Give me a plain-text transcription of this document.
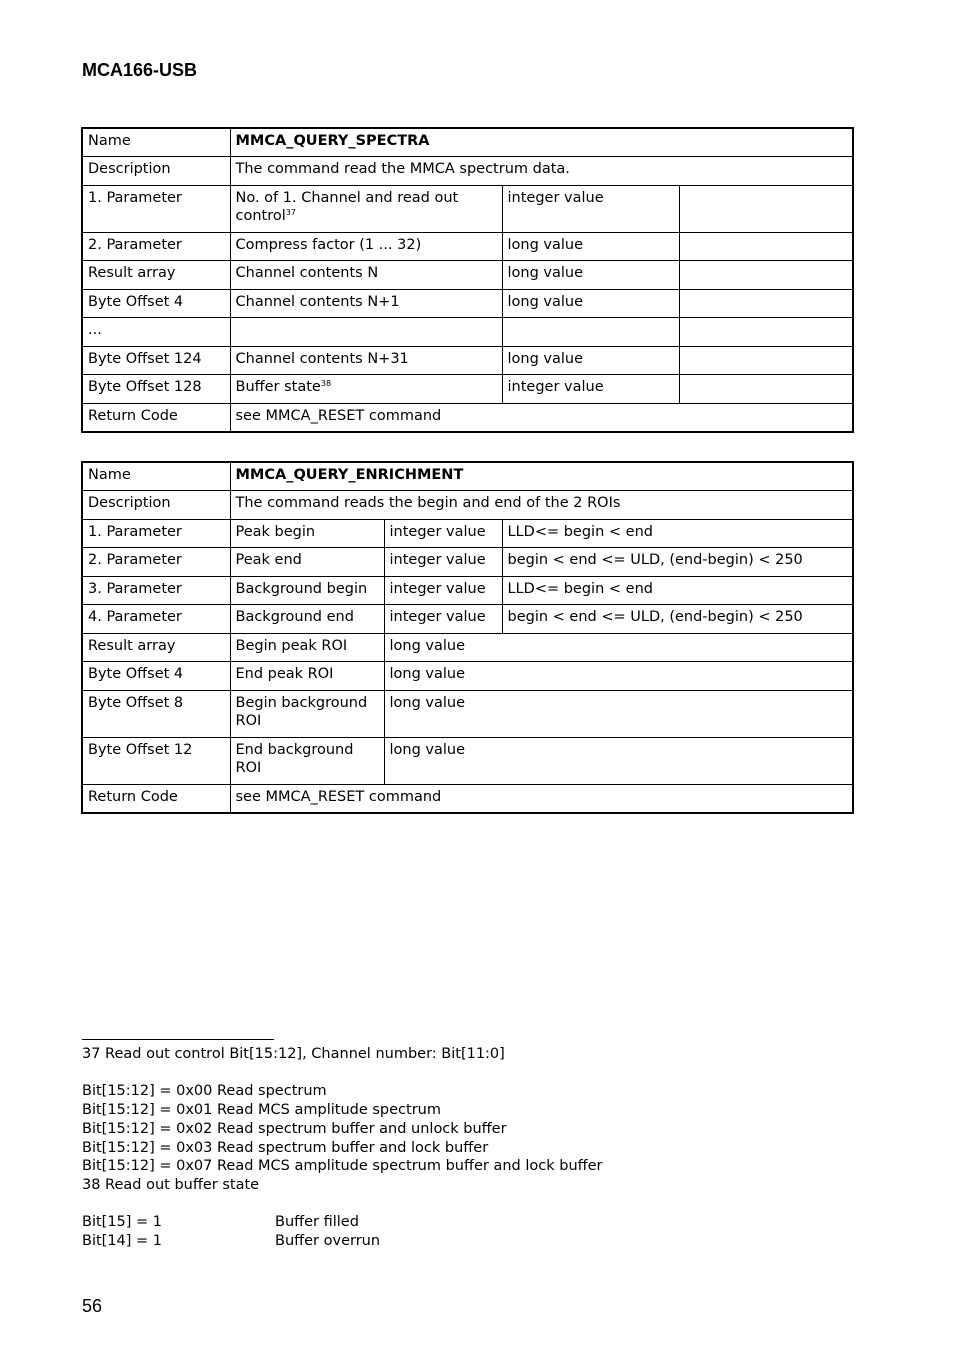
MCA166-USB
Name	MMCA_QUERY_SPECTRA		
Description	The command read the MMCA spectrum data.		
1. Parameter	No. of 1. Channel and read out control$^{37}$	integer value	
2. Parameter	Compress factor (1 ... 32)	long value	
Result array	Channel contents N	long value	
Byte Offset 4	Channel contents N+1	long value	
...			
Byte Offset 124	Channel contents N+31	long value	
Byte Offset 128	Buffer state$^{38}$	integer value	
Return Code	see MMCA_RESET command		
Name	MMCA_QUERY_ENRICHMENT		
Description	The command reads the begin and end of the 2 ROIs		
1. Parameter	Peak begin	integer value	LLD<= begin < end
2. Parameter	Peak end	integer value	begin < end <= ULD, (end-begin) < 250
3. Parameter	Background begin	integer value	LLD<= begin < end
4. Parameter	Background end	integer value	begin < end <= ULD, (end-begin) < 250
Result array	Begin peak ROI	long value	
Byte Offset 4	End peak ROI	long value	
Byte Offset 8	Begin background ROI	long value	
Byte Offset 12	End background ROI	long value	
Return Code	see MMCA_RESET command		
37 Read out control Bit[15:12], Channel number: Bit[11:0]
Bit[15:12] = 0x00 Read spectrum
Bit[15:12] = 0x01 Read MCS amplitude spectrum
Bit[15:12] = 0x02 Read spectrum buffer and unlock buffer
Bit[15:12] = 0x03 Read spectrum buffer and lock buffer
Bit[15:12] = 0x07 Read MCS amplitude spectrum buffer and lock buffer
38 Read out buffer state
Bit[15] = 1	Buffer filled
Bit[14] = 1	Buffer overrun
56
